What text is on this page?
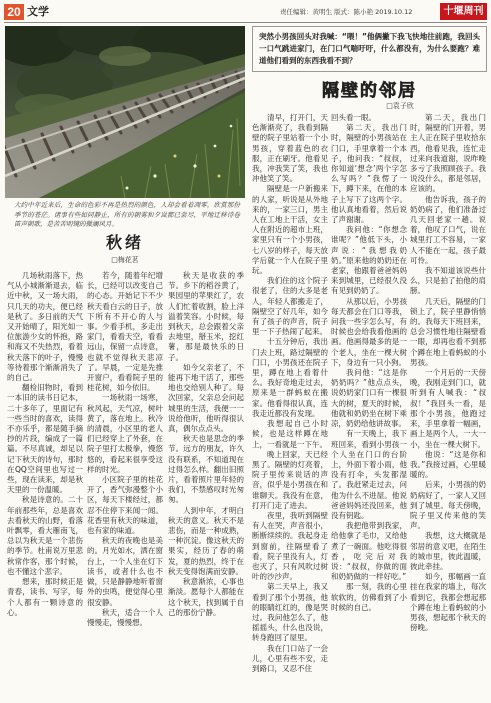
20 文学	责任编辑：黄明生 版式：陈小艳 2019.10.12	十堰周刊
大约中年近来后，生命的色彩不再是热烈的颜色，人却会看着凋零，欣赏那份季节的苍茫。诸事有些如同静止，所有的朝雾和夕岚都已尝尽，平地迁移诗卷笛声朝歌，是苦苦明镜的微澜风月。
秋绪
□梅花茗

几场秋雨落下，热气从小城渐渐退去，临近中秋，又一场大雨，只几天的功夫，便已经是秋了。多日前的天气又开始晴了，阳光如一位旅游少女的怀抱，路和海又不失热烈，看着秋天落下的叶子，慢慢等待着那个渐渐消失了的自己。

翻检旧物时，看到一本旧的读书日记本，二十多年了，里面记有一些当时的喜欢，读得不亦乐乎，都是随手摘抄的片段，编成了一篇篇。不尽真诚，却足以记下秋天的诗句，那时在QQ空间里也写过一些，现在读来，却是秋天里的一份温暖。

秋是诗意的。二十年前那些年，总是喜欢去看秋天的山野，看落叶飘零，看大雁南飞，总以为秋天是一个悲伤的季节。杜甫说万里悲秋常作客，那个时候，也不懂这个悲字。

想来，那时候正是青春，读书、写字，每个人都有一颗诗意的心。

若今，随着年纪增长，已经可以改变自己的心态。开始记下不少秋天看白云的日子，放下所有不开心的人与事。少看手机，多走出家门，看看天空，看看远山，保留一点诗意，也就不觉得秋天悲凉了。早晨，一定是先推开窗户，看看院子里的桂花树，如今依旧。

一场秋雨一场寒，秋风起，天气凉，树叶黄了，落在地上。秋冷的清晨，小区里的老人们已经穿上了外套，在院子里打太极拳，慢悠悠的，看起来很享受这样的时光。

小区院子里的桂花开了，香气弥漫整个小区，每天下楼经过，都忍不住停下来闻一闻。花香里有秋天的味道，也有家的味道。

秋天的夜晚也是美的。月光如水，洒在窗台上，一个人坐在灯下读书，或者什么也不做，只是静静地听着窗外的虫鸣，便觉得心里很安静。

秋天，适合一个人慢慢走，慢慢想。

秋天是收获的季节。乡下的稻谷黄了，果园里的苹果红了，农人们忙着收割，脸上洋溢着笑容。小时候，每到秋天，总会跟着父亲去地里，掰玉米，挖红薯，那是最快乐的日子。

如今父亲老了，不能再下地干活了，那些地也交给别人种了。每次回家，父亲总会问起城里的生活，我便一一说给他听，他听得很认真，偶尔点点头。

秋天也是思念的季节。远方的朋友，许久没有联系，不知道现在过得怎么样。翻出旧照片，看着照片里年轻的我们，不禁感叹时光匆匆。

人到中年，才明白秋天的意义。秋天不是悲伤，而是一种成熟，一种沉淀。像这秋天的果实，经历了春的萌发，夏的热烈，终于在秋天变得饱满而安静。

秋意渐浓，心事也渐淡。愿每个人都能在这个秋天，找到属于自己的那份宁静。

突然小男孩回头对我喊：“喂！”他俩撇下我飞快地往前跑，我回头一口气跳进家门，在门口气喘吁吁，什么都没有，为什么要跑？难道他们看到的东西我看不到？
隔壁的邻居
□袁子欣

清早，打开门，天色渐渐亮了，我看到隔壁的院子里站着一个小男孩，穿着蓝色的衣服，正在刷牙。他看见我，冲我笑了笑，我也冲他笑了笑。

隔壁是一户新搬来的人家，听说是从外地来的，一家三口，男主人在工地上干活，女主人在附近的超市上班，家里只有一个小男孩，七八岁的样子，每天放学后就一个人在院子里玩。

我们住的这个院子很老了，住的大多是老人，年轻人都搬走了，隔壁空了好几年，如今有了孩子的声音，院子里一下子热闹了起来。

十五分钟后，我出门去上班，路过隔壁的门口，小男孩还在院子里，蹲在地上看着什么。我好奇地走过去，原来是一群蚂蚁在搬家。他看得很认真，连我走近都没有发现。

我想起自己小时候，也是这样蹲在地上，一看就是一下午。

晚上回家，天已经黑了。隔壁的灯亮着，院子里传来说话的声音，似乎是小男孩在和谁聊天。我没有在意，打开门走了进去。

夜里，我听到隔壁有人在哭，声音很小，断断续续的。我起身走到窗前，往隔壁看了看，院子里没有人，灯也灭了，只有风吹过树叶的沙沙声。

第二天早上，我又看到了那个小男孩，他的眼睛红红的，像是哭过。我问他怎么了，他摇摇头，什么也没说，转身跑回了屋里。

我在门口站了一会儿，心里有些不安，走到路口，又忍不住

回头看一眼。

第二天，我出门时，隔壁的小男孩站在门口，手里拿着一个本子，他问我：“叔叔，你知道‘想念’两个字怎么写吗？”我愣了一下，蹲下来，在他的本子上写下了这两个字。他认真地看着，然后说了声谢谢。

我问他：“你想念谁呢？”他低下头，小声说：“我想我奶奶。”原来他的奶奶还在老家，他跟着爸爸妈妈来到城里，已经很久没有见到奶奶了。

从那以后，小男孩每天都会在门口等我，问我一些字怎么写，有时候也会给我看他画的画。他画得最多的是一个老人，坐在一棵大树下，身边有一只小狗。

我问他：“这是你奶奶吗？”他点点头，说奶奶家门口有一棵很大的树，夏天的时候，他就和奶奶坐在树下乘凉，奶奶给他讲故事。

有一天晚上，我下班回来，看到小男孩一个人坐在门口的台阶上，外面下着小雨，他没有打伞，头发都湿了。我赶紧走过去，问他为什么不进屋。他说爸爸妈妈还没回来，他没有钥匙。

我把他带到我家，给他拿了毛巾，又给他煮了一碗面。他吃得很香，吃完后对我说：“叔叔，你做的面和奶奶做的一样好吃。”

那一刻，我的心里软软的，仿佛看到了小时候的自己。

第二天，我出门时，隔壁的门开着，男主人正在院子里收拾东西，他看见我，连忙走过来向我道谢，说昨晚多亏了我照顾孩子。我说没什么，都是邻居，应该的。

他告诉我，孩子的奶奶病了，他们准备过几天回老家一趟。说着，他叹了口气，说在城里打工不容易，一家人不能在一起，孩子最可怜。

我不知道该说些什么，只是拍了拍他的肩膀。

几天后，隔壁的门锁上了，院子里静悄悄的。我每天下班回来，总会习惯性地往隔壁看一眼，却再也看不到那个蹲在地上看蚂蚁的小男孩。

一个月后的一天傍晚，我刚走到门口，就听到有人喊我：“叔叔！”我回头一看，是那个小男孩，他跑过来，手里拿着一幅画，画上是两个人，一大一小，坐在一棵大树下。

他说：“这是你和我。”我接过画，心里暖暖的。

后来，小男孩的奶奶病好了，一家人又回到了城里。每天傍晚，院子里又传来他的笑声。

我想，这大概就是邻居的意义吧，在陌生的城市里，彼此温暖，彼此牵挂。

如今，那幅画一直挂在我家的墙上，每次看到它，我都会想起那个蹲在地上看蚂蚁的小男孩，想起那个秋天的傍晚。
